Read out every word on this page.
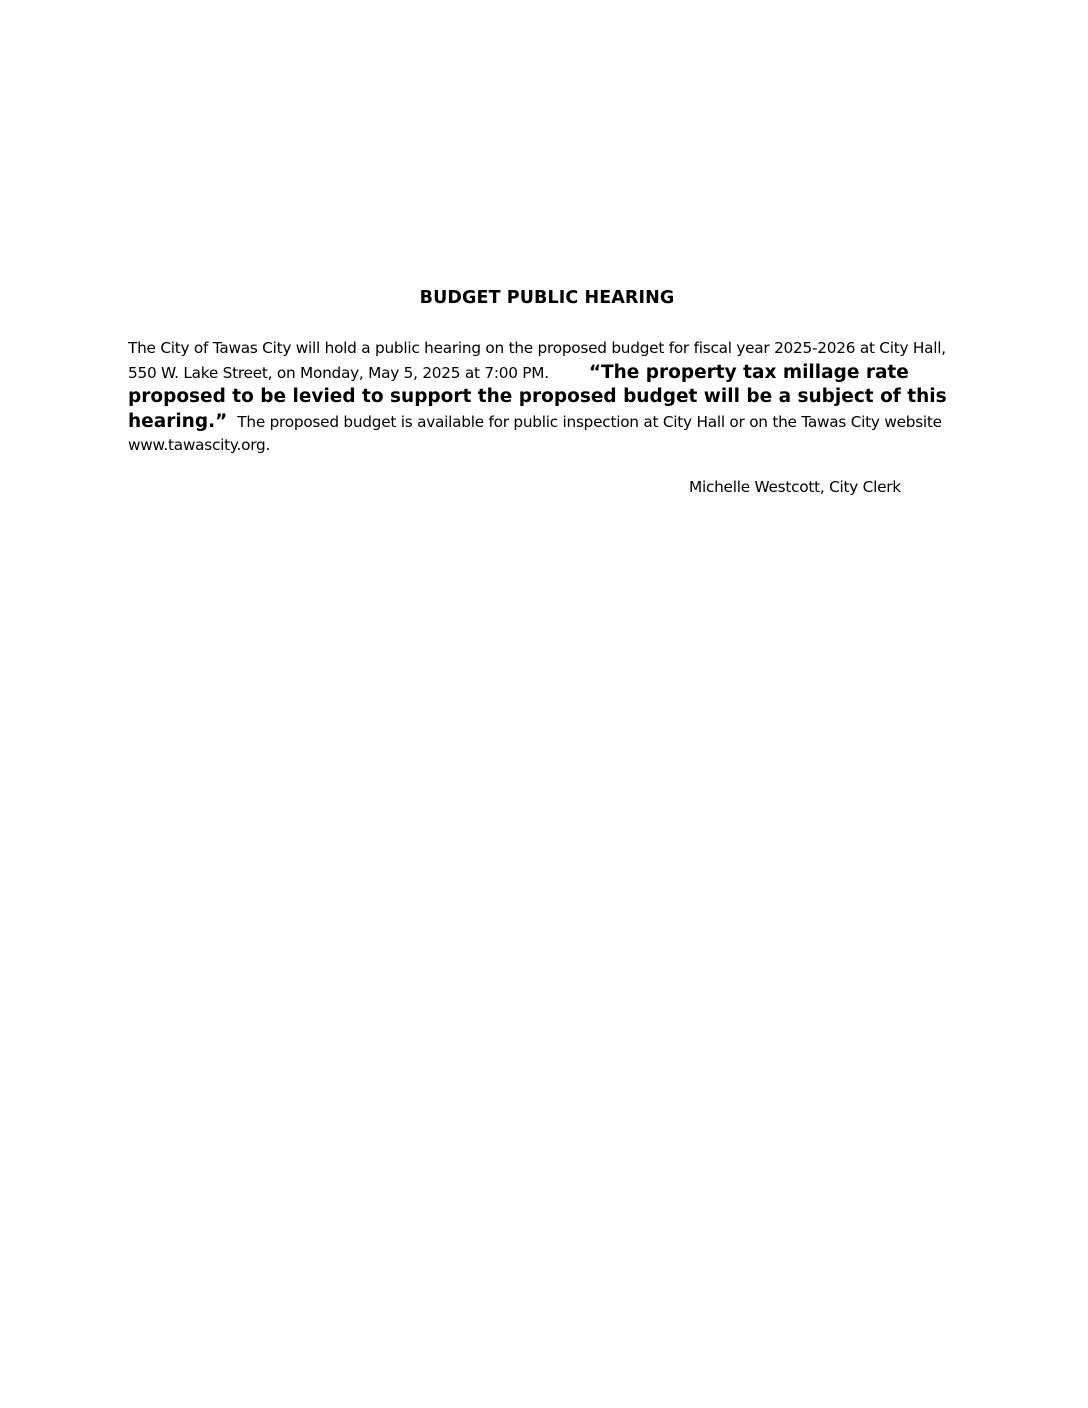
BUDGET PUBLIC HEARING
The City of Tawas City will hold a public hearing on the proposed budget for fiscal year 2025-2026 at City Hall, 550 W. Lake Street, on Monday, May 5, 2025 at 7:00 PM. “The property tax millage rate proposed to be levied to support the proposed budget will be a subject of this hearing.” The proposed budget is available for public inspection at City Hall or on the Tawas City website www.tawascity.org.
Michelle Westcott, City Clerk
